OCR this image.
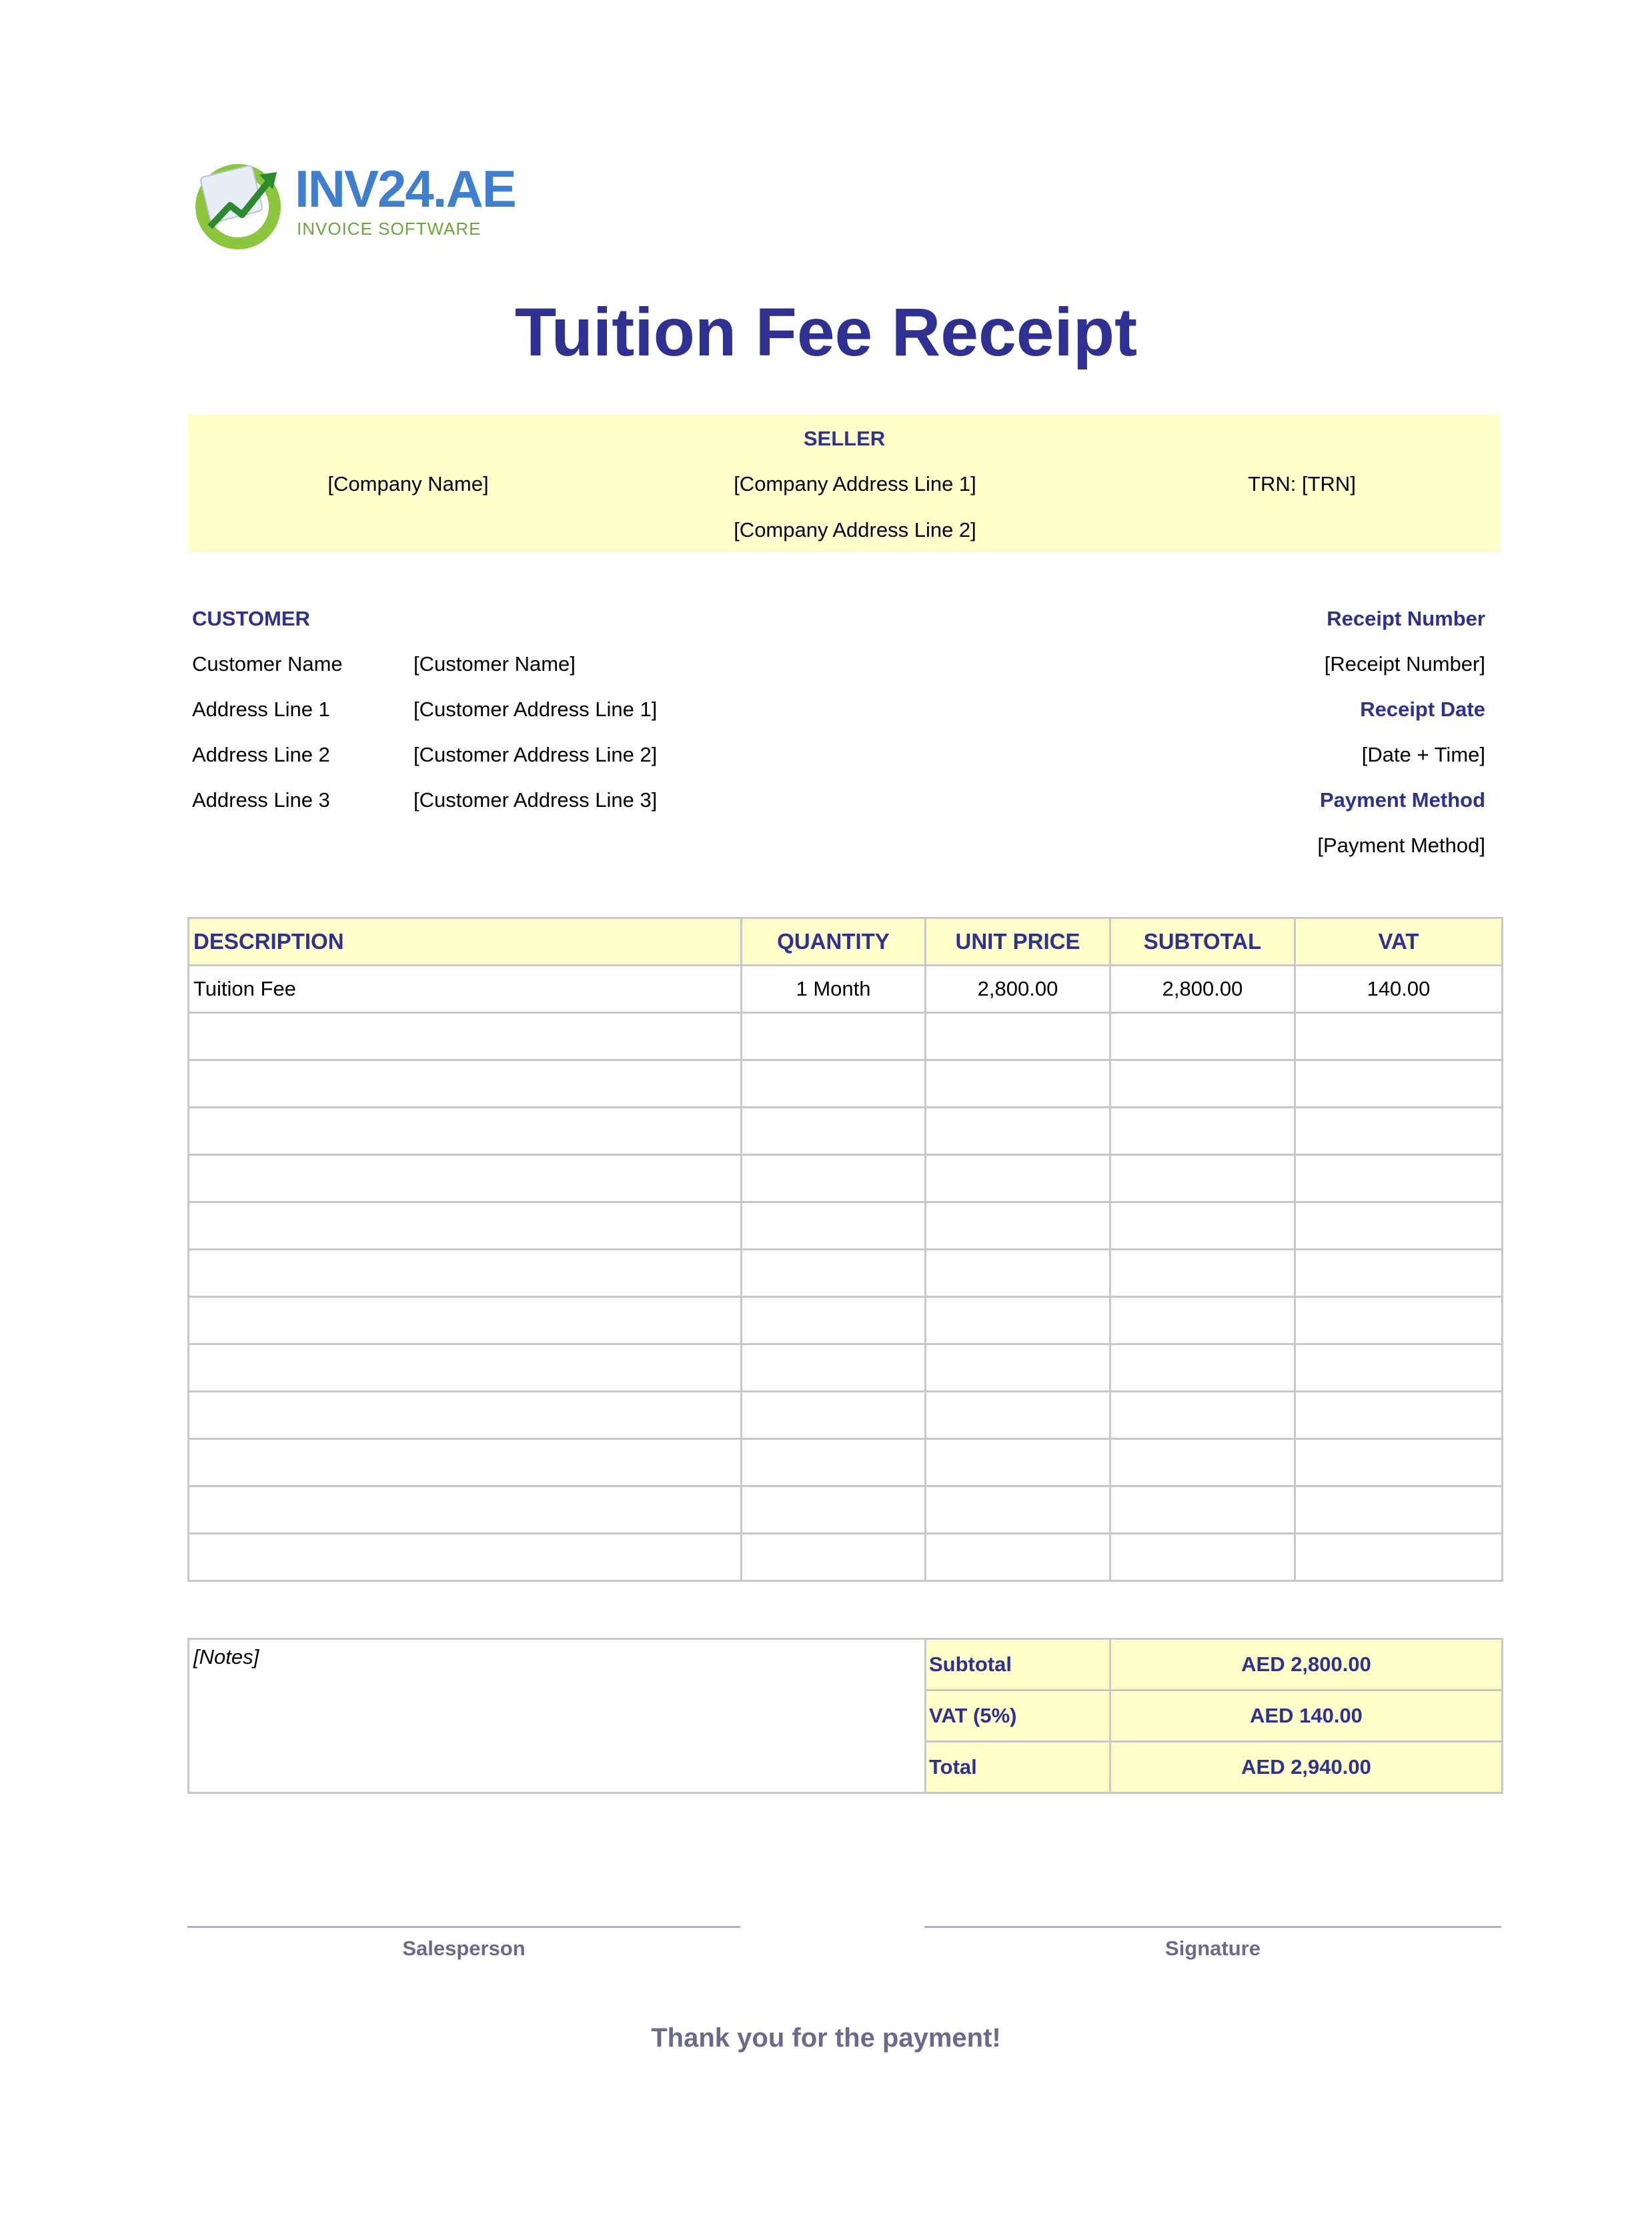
INV24.AE
INVOICE SOFTWARE
Tuition Fee Receipt
SELLER
[Company Name]	[Company Address Line 1]
[Company Address Line 2]
TRN: [TRN]
CUSTOMER
Customer Name	[Customer Name]
Address Line 1	[Customer Address Line 1]
Address Line 2	[Customer Address Line 2]
Address Line 3	[Customer Address Line 3]
Receipt Number
[Receipt Number]
Receipt Date
[Date + Time]
Payment Method
[Payment Method]
DESCRIPTION	QUANTITY	UNIT PRICE	SUBTOTAL	VAT
Tuition Fee	1 Month	2,800.00	2,800.00	140.00

[Notes]	Subtotal	AED 2,800.00
	VAT (5%)	AED 140.00
	Total	AED 2,940.00
Salesperson	Signature
Thank you for the payment!
